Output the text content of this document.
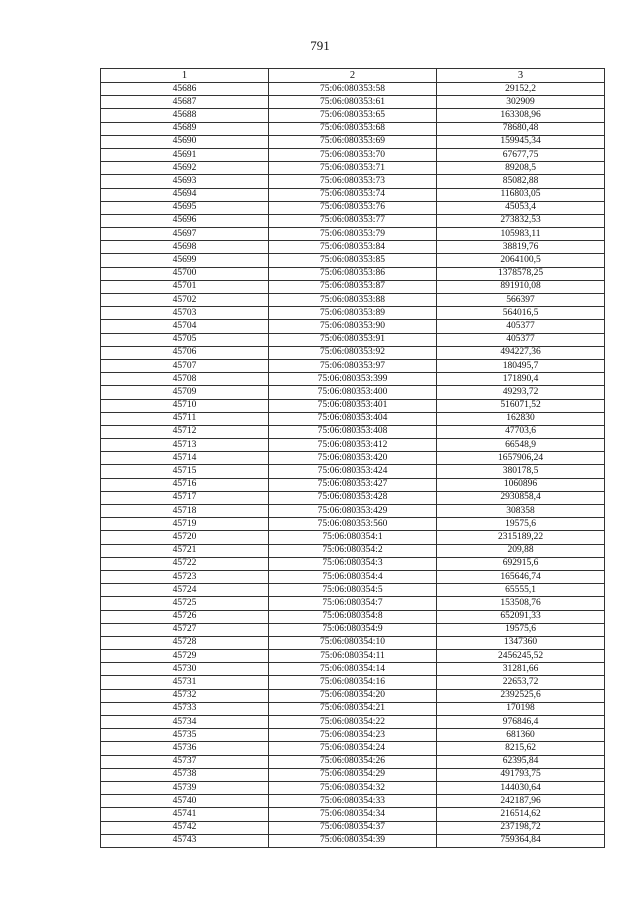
791
1	2	3
45686	75:06:080353:58	29152,2
45687	75:06:080353:61	302909
45688	75:06:080353:65	163308,96
45689	75:06:080353:68	78680,48
45690	75:06:080353:69	159945,34
45691	75:06:080353:70	67677,75
45692	75:06:080353:71	89208,5
45693	75:06:080353:73	85082,88
45694	75:06:080353:74	116803,05
45695	75:06:080353:76	45053,4
45696	75:06:080353:77	273832,53
45697	75:06:080353:79	105983,11
45698	75:06:080353:84	38819,76
45699	75:06:080353:85	2064100,5
45700	75:06:080353:86	1378578,25
45701	75:06:080353:87	891910,08
45702	75:06:080353:88	566397
45703	75:06:080353:89	564016,5
45704	75:06:080353:90	405377
45705	75:06:080353:91	405377
45706	75:06:080353:92	494227,36
45707	75:06:080353:97	180495,7
45708	75:06:080353:399	171890,4
45709	75:06:080353:400	49293,72
45710	75:06:080353:401	516071,52
45711	75:06:080353:404	162830
45712	75:06:080353:408	47703,6
45713	75:06:080353:412	66548,9
45714	75:06:080353:420	1657906,24
45715	75:06:080353:424	380178,5
45716	75:06:080353:427	1060896
45717	75:06:080353:428	2930858,4
45718	75:06:080353:429	308358
45719	75:06:080353:560	19575,6
45720	75:06:080354:1	2315189,22
45721	75:06:080354:2	209,88
45722	75:06:080354:3	692915,6
45723	75:06:080354:4	165646,74
45724	75:06:080354:5	65555,1
45725	75:06:080354:7	153508,76
45726	75:06:080354:8	652091,33
45727	75:06:080354:9	19575,6
45728	75:06:080354:10	1347360
45729	75:06:080354:11	2456245,52
45730	75:06:080354:14	31281,66
45731	75:06:080354:16	22653,72
45732	75:06:080354:20	2392525,6
45733	75:06:080354:21	170198
45734	75:06:080354:22	976846,4
45735	75:06:080354:23	681360
45736	75:06:080354:24	8215,62
45737	75:06:080354:26	62395,84
45738	75:06:080354:29	491793,75
45739	75:06:080354:32	144030,64
45740	75:06:080354:33	242187,96
45741	75:06:080354:34	216514,62
45742	75:06:080354:37	237198,72
45743	75:06:080354:39	759364,84
